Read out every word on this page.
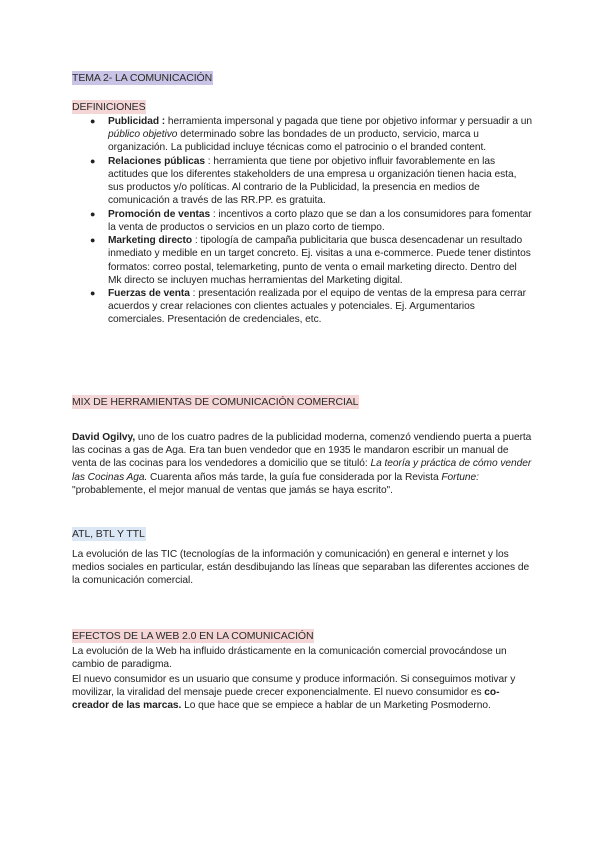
TEMA 2- LA COMUNICACIÓN
DEFINICIONES
● Publicidad : herramienta impersonal y pagada que tiene por objetivo informar y persuadir a un público objetivo determinado sobre las bondades de un producto, servicio, marca u organización. La publicidad incluye técnicas como el patrocinio o el branded content.
● Relaciones públicas : herramienta que tiene por objetivo influir favorablemente en las actitudes que los diferentes stakeholders de una empresa u organización tienen hacia esta, sus productos y/o políticas. Al contrario de la Publicidad, la presencia en medios de comunicación a través de las RR.PP. es gratuita.
● Promoción de ventas : incentivos a corto plazo que se dan a los consumidores para fomentar la venta de productos o servicios en un plazo corto de tiempo.
● Marketing directo : tipología de campaña publicitaria que busca desencadenar un resultado inmediato y medible en un target concreto. Ej. visitas a una e-commerce. Puede tener distintos formatos: correo postal, telemarketing, punto de venta o email marketing directo. Dentro del Mk directo se incluyen muchas herramientas del Marketing digital.
● Fuerzas de venta : presentación realizada por el equipo de ventas de la empresa para cerrar acuerdos y crear relaciones con clientes actuales y potenciales. Ej. Argumentarios comerciales. Presentación de credenciales, etc.
MIX DE HERRAMIENTAS DE COMUNICACIÓN COMERCIAL

David Ogilvy, uno de los cuatro padres de la publicidad moderna, comenzó vendiendo puerta a puerta las cocinas a gas de Aga. Era tan buen vendedor que en 1935 le mandaron escribir un manual de venta de las cocinas para los vendedores a domicilio que se tituló: La teoría y práctica de cómo vender las Cocinas Aga. Cuarenta años más tarde, la guía fue considerada por la Revista Fortune: "probablemente, el mejor manual de ventas que jamás se haya escrito".

ATL, BTL Y TTL

La evolución de las TIC (tecnologías de la información y comunicación) en general e internet y los medios sociales en particular, están desdibujando las líneas que separaban las diferentes acciones de la comunicación comercial.

EFECTOS DE LA WEB 2.0 EN LA COMUNICACIÓN

La evolución de la Web ha influido drásticamente en la comunicación comercial provocándose un cambio de paradigma.

El nuevo consumidor es un usuario que consume y produce información. Si conseguimos motivar y movilizar, la viralidad del mensaje puede crecer exponencialmente. El nuevo consumidor es co-creador de las marcas. Lo que hace que se empiece a hablar de un Marketing Posmoderno.
